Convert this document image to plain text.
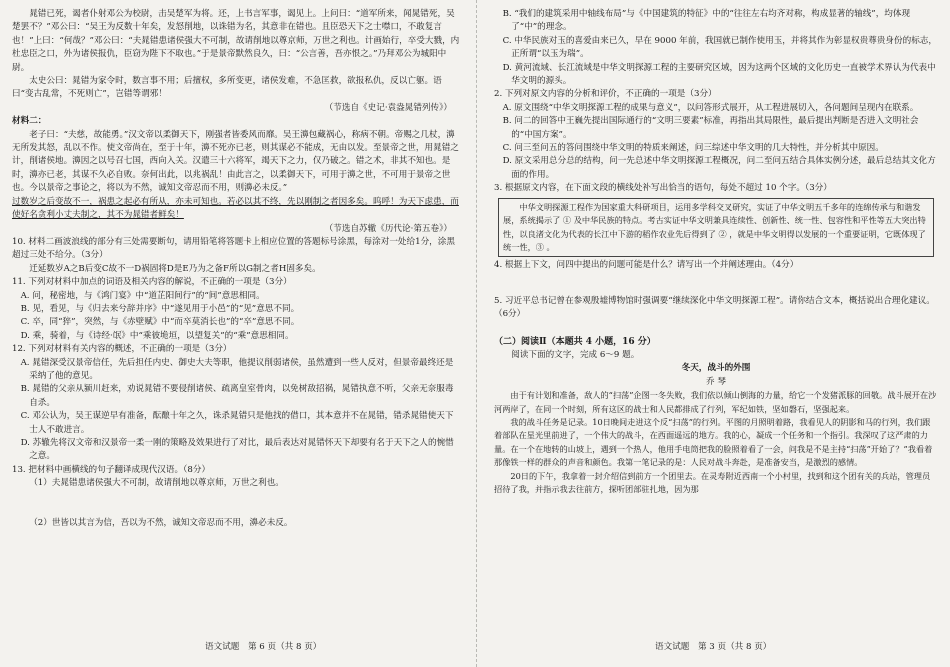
晁错已死，谒者仆射邓公为校尉，击吴楚军为将。还，上书言军事，谒见上。上问曰：“道军所来，闻晁错死，吴楚罢不？”邓公曰：“吴王为反数十年矣，发怒削地，以诛错为名，其意非在错也。且臣恐天下之士噤口，不敢复言也！”上曰：“何哉？”邓公曰：“夫晁错患诸侯强大不可制，故请削地以尊京师，万世之利也。计画始行，卒受大戮，内杜忠臣之口，外为诸侯报仇，臣窃为陛下不取也。”于是景帝默然良久，曰：“公言善，吾亦恨之。”乃拜邓公为城阳中尉。

太史公曰：晁错为家令时，数言事不用；后擅权，多所变更，诸侯发难，不急匡救，欲报私仇，反以亡躯。语曰“变古乱常，不死则亡”，岂错等谓邪！

（节选自《史记·袁盎晁错列传》）

材料二：

老子曰：“夫慈，故能勇。”汉文帝以柔御天下，刚强者皆委风而靡。吴王濞包藏祸心，称病不朝。帝赐之几杖，濞无所发其怒，乱以不作。使文帝尚在，至于十年，濞不死亦已老，则其谋必不能成，无由以发。至景帝之世，用晁错之计，削诸侯地。濞因之以号召七国，西向入关。汉遣三十六将军，竭天下之力，仅乃破之。错之术，非其不知也。是时，濞亦已老，其谋不久必自败。奈何出此，以兆祸乱！由此言之，以柔御天下，可用于濞之世，不可用于景帝之世也。今以景帝之事论之，将以为不然，诚知文帝忍而不用，则濞必未反。”

过数岁之后变故不一，祸患之起必有所从，亦未可知也。若必以其不终，先以刚制之者因多矣。呜呼！为天下虑患，而使好名贪利小丈夫制之，其不为晁错者鲜矣！

（节选自苏辙《历代论·第五卷》）

10. 材料二画波浪线的部分有三处需要断句，请用铅笔将答题卡上相应位置的答题标号涂黑，每涂对一处给1分，涂黑超过三处不给分。（3分）

迁延数岁A之B后变C故不一D祸固将D是E乃为之备F所以G制之者H固多矣。

11. 下列对材料中加点的词语及相关内容的解说，不正确的一项是（3分）

A. 问，秘密地，与《鸿门宴》中“道芷阳间行”的“间”意思相同。

B. 见，看见，与《归去来兮辞并序》中“遂见用于小邑”的“见”意思不同。

C. 卒，同“猝”，突然，与《赤壁赋》中“而卒莫消长也”的“卒”意思不同。

D. 乘，骑着，与《诗经·氓》中“乘彼垝垣，以望复关”的“乘”意思相同。

12. 下列对材料有关内容的概述，不正确的一项是（3分）

A. 晁错深受汉景帝信任，先后担任内史、御史大夫等职，他提议削弱诸侯，虽然遭到一些人反对，但景帝最终还是采纳了他的意见。

B. 晁错的父亲从颍川赶来，劝说晁错不要侵削诸侯、疏离皇室骨肉，以免树敌招祸，晁错执意不听，父亲无奈服毒自杀。

C. 邓公认为，吴王谋逆早有准备，酝酿十年之久，诛杀晁错只是他找的借口，其本意并不在晁错，错杀晁错使天下士人不敢进言。

D. 苏辙先将汉文帝和汉景帝一柔一刚的策略及效果进行了对比，最后表达对晁错怀天下却要有名于天下之人的惋惜之意。

13. 把材料中画横线的句子翻译成现代汉语。（8分）

（1）夫晁错患诸侯强大不可制，故请削地以尊京师，万世之利也。

（2）世皆以其言为信，吾以为不然，诚知文帝忍而不用，濞必未反。

语文试题　第 6 页（共 8 页）

B. “我们的建筑采用中轴线布局”与《中国建筑的特征》中的“往往左右均齐对称，构成显著的轴线”，均体现了“中”的理念。

C. 中华民族对玉的喜爱由来已久，早在 9000 年前，我国就已制作使用玉，并将其作为彰显权贵尊贵身份的标志，正所谓“以玉为瑞”。

D. 黄河流域、长江流域是中华文明探源工程的主要研究区域，因为这两个区域的文化历史一直被学术界认为代表中华文明的源头。

2. 下列对原文内容的分析和评价，不正确的一项是（3分）

A. 原文围绕“中华文明探源工程的成果与意义”，以问答形式展开，从工程进展切入，各问题间呈现内在联系。

B. 问二的回答中王巍先提出国际通行的“文明三要素”标准，再指出其局限性，最后提出判断是否进入文明社会的“中国方案”。

C. 问三至问五的答问围绕中华文明的特质来阐述，问三综述中华文明的几大特性，并分析其中原因。

D. 原文采用总分总的结构，问一先总述中华文明探源工程概况，问二至问五结合具体实例分述，最后总结其文化方面的作用。

3. 根据原文内容，在下面文段的横线处补写出恰当的语句，每处不超过 10 个字。（3分）

中华文明探源工程作为国家重大科研项目，运用多学科交叉研究，实证了中华文明五千多年的连绵传承与和谐发展，系统揭示了 ① 及中华民族的特点。考古实证中华文明兼具连续性、创新性、统一性、包容性和平性等五大突出特性，以良渚文化为代表的长江中下游的稻作农业先后得到了 ② ，就是中华文明得以发展的一个重要证明，它既体现了统一性，③ 。

4. 根据上下文，问四中提出的问题可能是什么？请写出一个并阐述理由。（4分）

5. 习近平总书记曾在参观殷墟博物馆时强调要“继续深化中华文明探源工程”。请你结合文本，概括说出合理化建议。（6分）

（二）阅读Ⅱ（本题共 4 小题，16 分）

阅读下面的文字，完成 6～9 题。

冬天，战斗的外围

乔 琴

由于有计划和准备，敌人的“扫荡”企图一冬失败，我们依以倾山倒海的力量，给它一个发猪派豚的回敬。战斗展开在沙河两岸了，在同一个时刻，所有这区的战士和人民都排成了行列，军纪如铁，坚如磐石，坚强起来。

我的战斗任务是记录。10日晚间走进这个反“扫荡”的行列。平图的月照明着路，我看见人的阴影和马的行列，我们跟着部队在星光里前进了，一个伟大的战斗，在西面遥远的地方。我的心，凝成一个任务和一个指引。我深叹了这严肃的力量。在一个在地转的山坡上，遇到一个热人，他用手电筒把我的脸照着看了一会，问我是不是主持“扫荡”开始了？”我看着那像铁一样的群众的声音和颜色。我第一笔记录的是：人民对战斗奔赴，是准备安当，是激烈的感情。

20日的下午，我拿着一封介绍信到前方一个团里去。在灵寿附近西南一个小村里，找到和这个团有关的兵站，管理员招待了我，并指示我去往前方，探听团部驻扎地，因为那

语文试题　第 3 页（共 8 页）
